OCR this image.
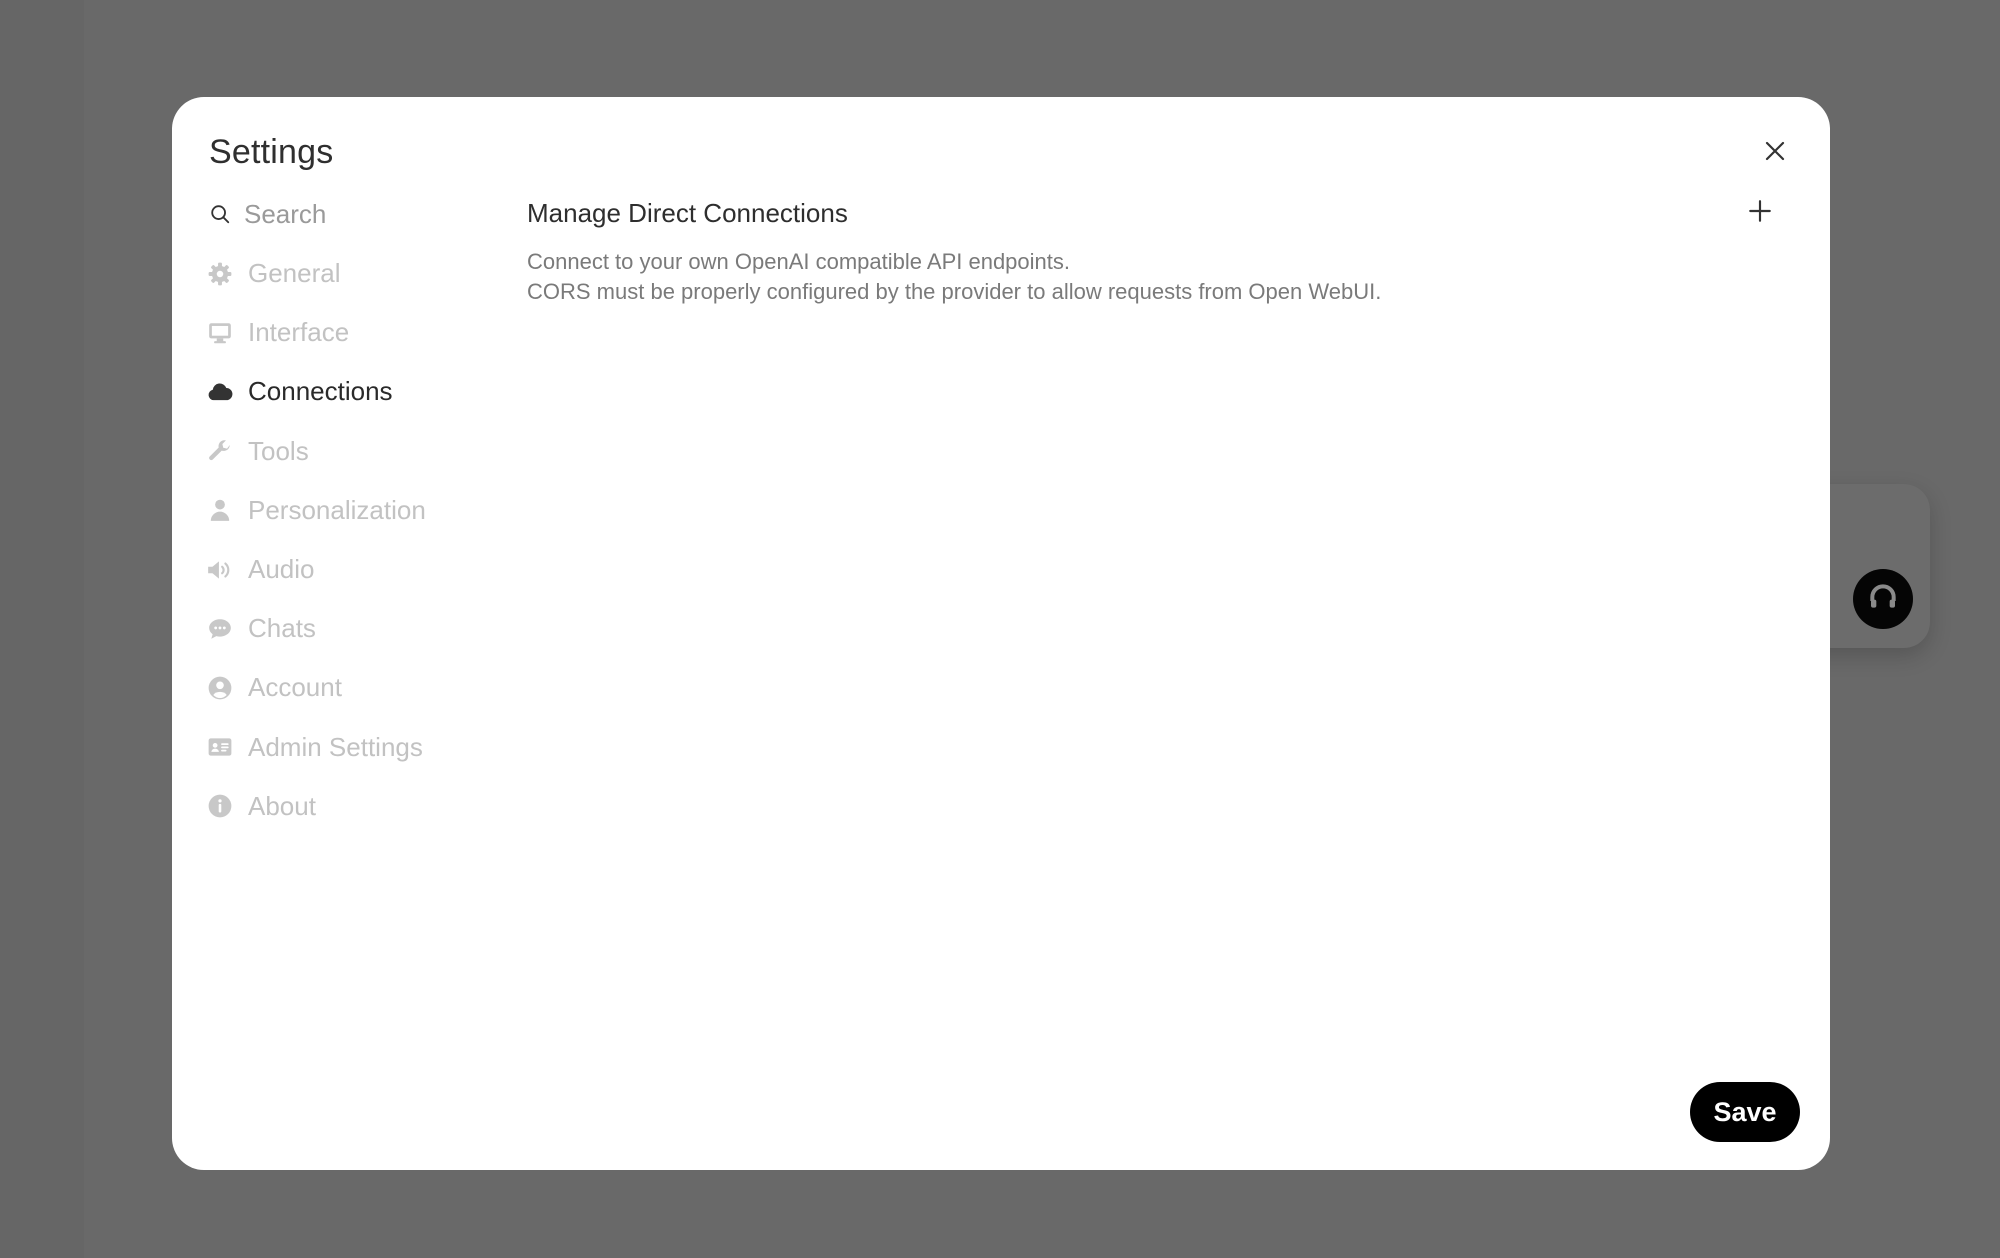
Settings
Search
General
Interface
Connections
Tools
Personalization
Audio
Chats
Account
Admin Settings
About
Manage Direct Connections
Connect to your own OpenAI compatible API endpoints.
CORS must be properly configured by the provider to allow requests from Open WebUI.
Save
